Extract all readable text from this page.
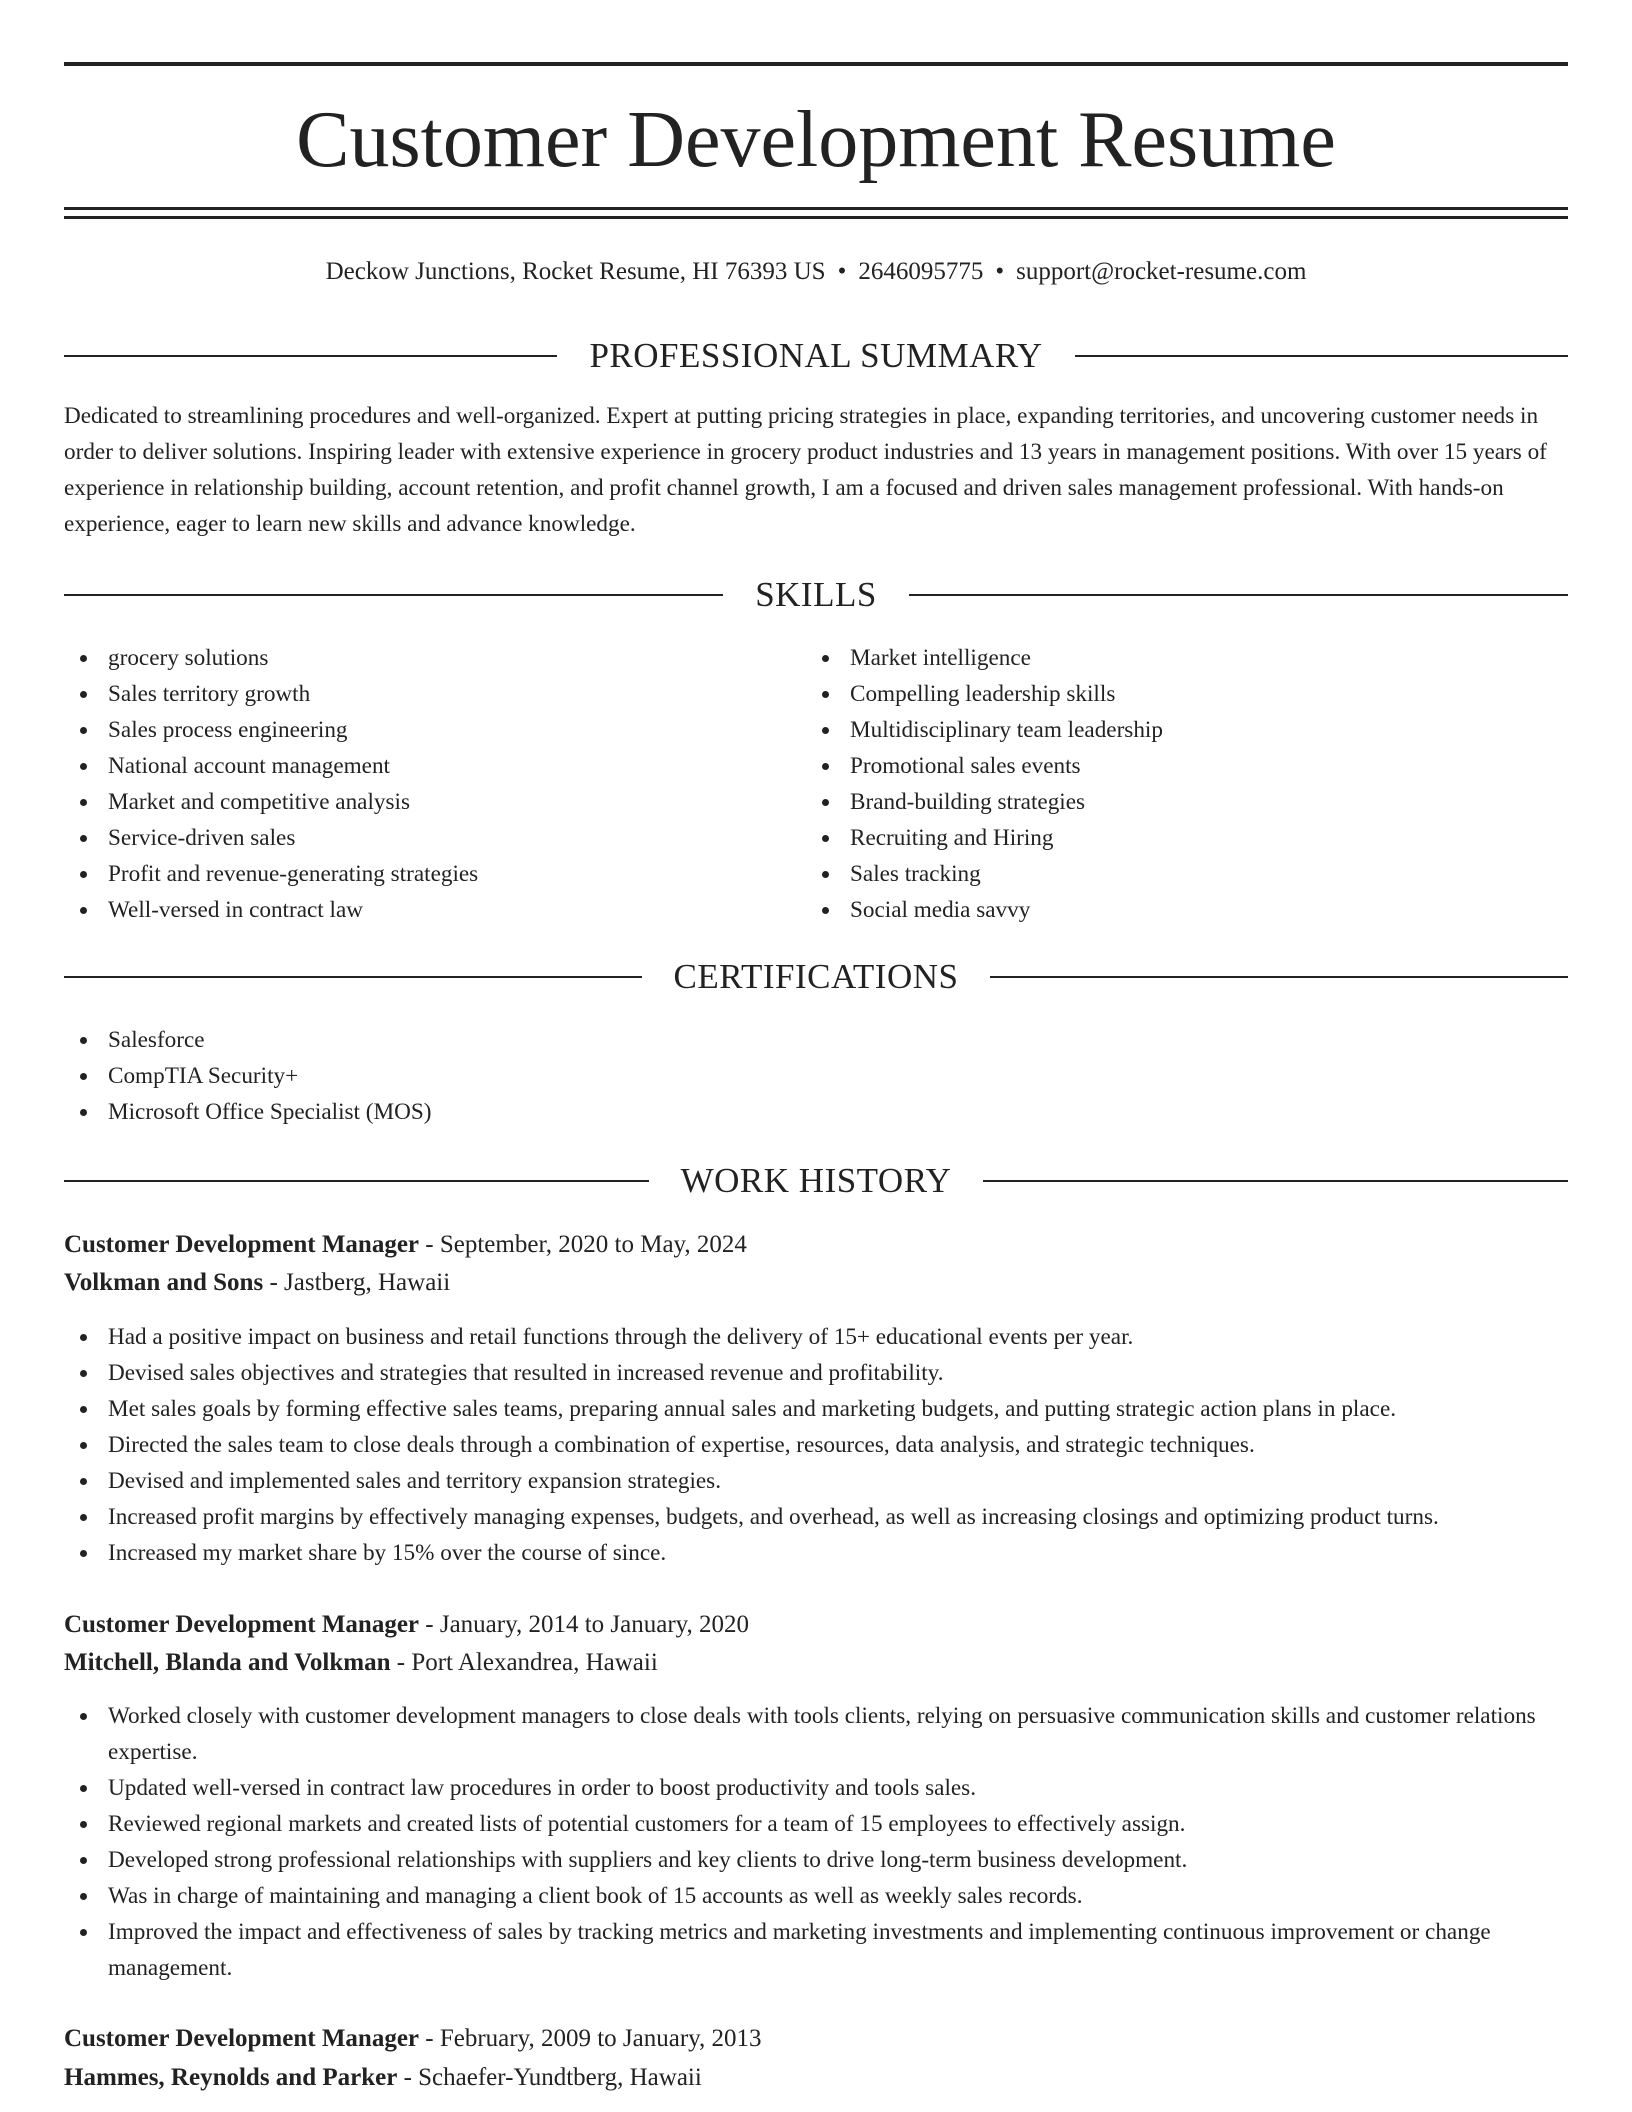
Customer Development Resume
Deckow Junctions, Rocket Resume, HI 76393 US • 2646095775 • support@rocket-resume.com
PROFESSIONAL SUMMARY

Dedicated to streamlining procedures and well-organized. Expert at putting pricing strategies in place, expanding territories, and uncovering customer needs in order to deliver solutions. Inspiring leader with extensive experience in grocery product industries and 13 years in management positions. With over 15 years of experience in relationship building, account retention, and profit channel growth, I am a focused and driven sales management professional. With hands-on experience, eager to learn new skills and advance knowledge.

SKILLS
grocery solutions
Sales territory growth
Sales process engineering
National account management
Market and competitive analysis
Service-driven sales
Profit and revenue-generating strategies
Well-versed in contract law
Market intelligence
Compelling leadership skills
Multidisciplinary team leadership
Promotional sales events
Brand-building strategies
Recruiting and Hiring
Sales tracking
Social media savvy
CERTIFICATIONS
Salesforce
CompTIA Security+
Microsoft Office Specialist (MOS)
WORK HISTORY
Customer Development Manager - September, 2020 to May, 2024
Volkman and Sons - Jastberg, Hawaii
Had a positive impact on business and retail functions through the delivery of 15+ educational events per year.
Devised sales objectives and strategies that resulted in increased revenue and profitability.
Met sales goals by forming effective sales teams, preparing annual sales and marketing budgets, and putting strategic action plans in place.
Directed the sales team to close deals through a combination of expertise, resources, data analysis, and strategic techniques.
Devised and implemented sales and territory expansion strategies.
Increased profit margins by effectively managing expenses, budgets, and overhead, as well as increasing closings and optimizing product turns.
Increased my market share by 15% over the course of since.
Customer Development Manager - January, 2014 to January, 2020
Mitchell, Blanda and Volkman - Port Alexandrea, Hawaii
Worked closely with customer development managers to close deals with tools clients, relying on persuasive communication skills and customer relations expertise.
Updated well-versed in contract law procedures in order to boost productivity and tools sales.
Reviewed regional markets and created lists of potential customers for a team of 15 employees to effectively assign.
Developed strong professional relationships with suppliers and key clients to drive long-term business development.
Was in charge of maintaining and managing a client book of 15 accounts as well as weekly sales records.
Improved the impact and effectiveness of sales by tracking metrics and marketing investments and implementing continuous improvement or change management.
Customer Development Manager - February, 2009 to January, 2013
Hammes, Reynolds and Parker - Schaefer-Yundtberg, Hawaii
